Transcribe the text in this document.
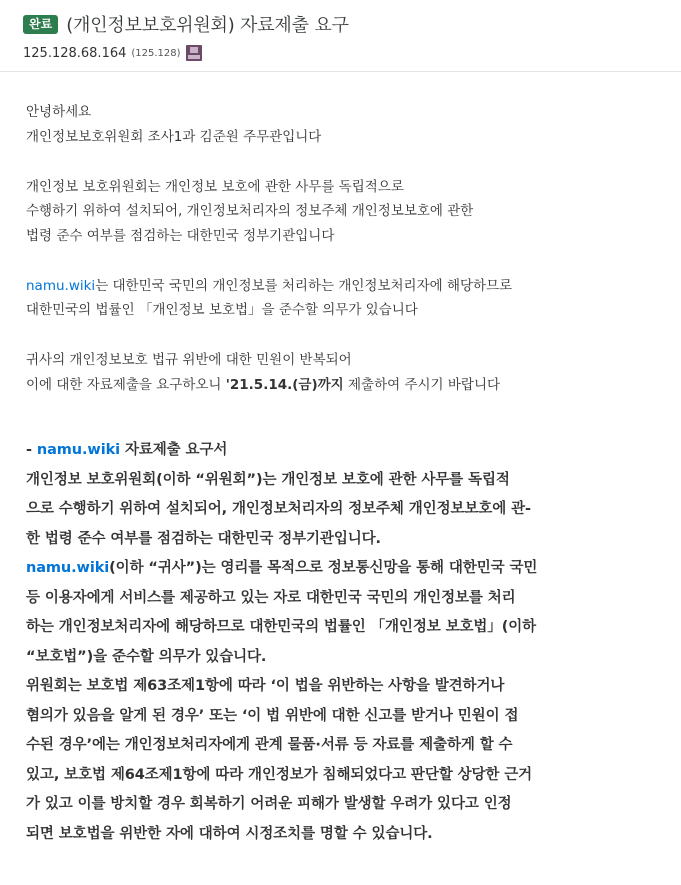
완료 (개인정보보호위원회) 자료제출 요구
125.128.68.164 (125.128)
안녕하세요
개인정보보호위원회 조사1과 김준원 주무관입니다
개인정보 보호위원회는 개인정보 보호에 관한 사무를 독립적으로
수행하기 위하여 설치되어, 개인정보처리자의 정보주체 개인정보보호에 관한
법령 준수 여부를 점검하는 대한민국 정부기관입니다
namu.wiki는 대한민국 국민의 개인정보를 처리하는 개인정보처리자에 해당하므로
대한민국의 법률인 「개인정보 보호법」을 준수할 의무가 있습니다
귀사의 개인정보보호 법규 위반에 대한 민원이 반복되어
이에 대한 자료제출을 요구하오니 '21.5.14.(금)까지 제출하여 주시기 바랍니다
- namu.wiki 자료제출 요구서
개인정보 보호위원회(이하 “위원회”)는 개인정보 보호에 관한 사무를 독립적
으로 수행하기 위하여 설치되어, 개인정보처리자의 정보주체 개인정보보호에 관-
한 법령 준수 여부를 점검하는 대한민국 정부기관입니다.
namu.wiki(이하 “귀사”)는 영리를 목적으로 정보통신망을 통해 대한민국 국민
등 이용자에게 서비스를 제공하고 있는 자로 대한민국 국민의 개인정보를 처리
하는 개인정보처리자에 해당하므로 대한민국의 법률인 「개인정보 보호법」(이하
“보호법”)을 준수할 의무가 있습니다.
위원회는 보호법 제63조제1항에 따라 ‘이 법을 위반하는 사항을 발견하거나
혐의가 있음을 알게 된 경우’ 또는 ‘이 법 위반에 대한 신고를 받거나 민원이 접
수된 경우’에는 개인정보처리자에게 관계 물품·서류 등 자료를 제출하게 할 수
있고, 보호법 제64조제1항에 따라 개인정보가 침해되었다고 판단할 상당한 근거
가 있고 이를 방치할 경우 회복하기 어려운 피해가 발생할 우려가 있다고 인정
되면 보호법을 위반한 자에 대하여 시정조치를 명할 수 있습니다.
